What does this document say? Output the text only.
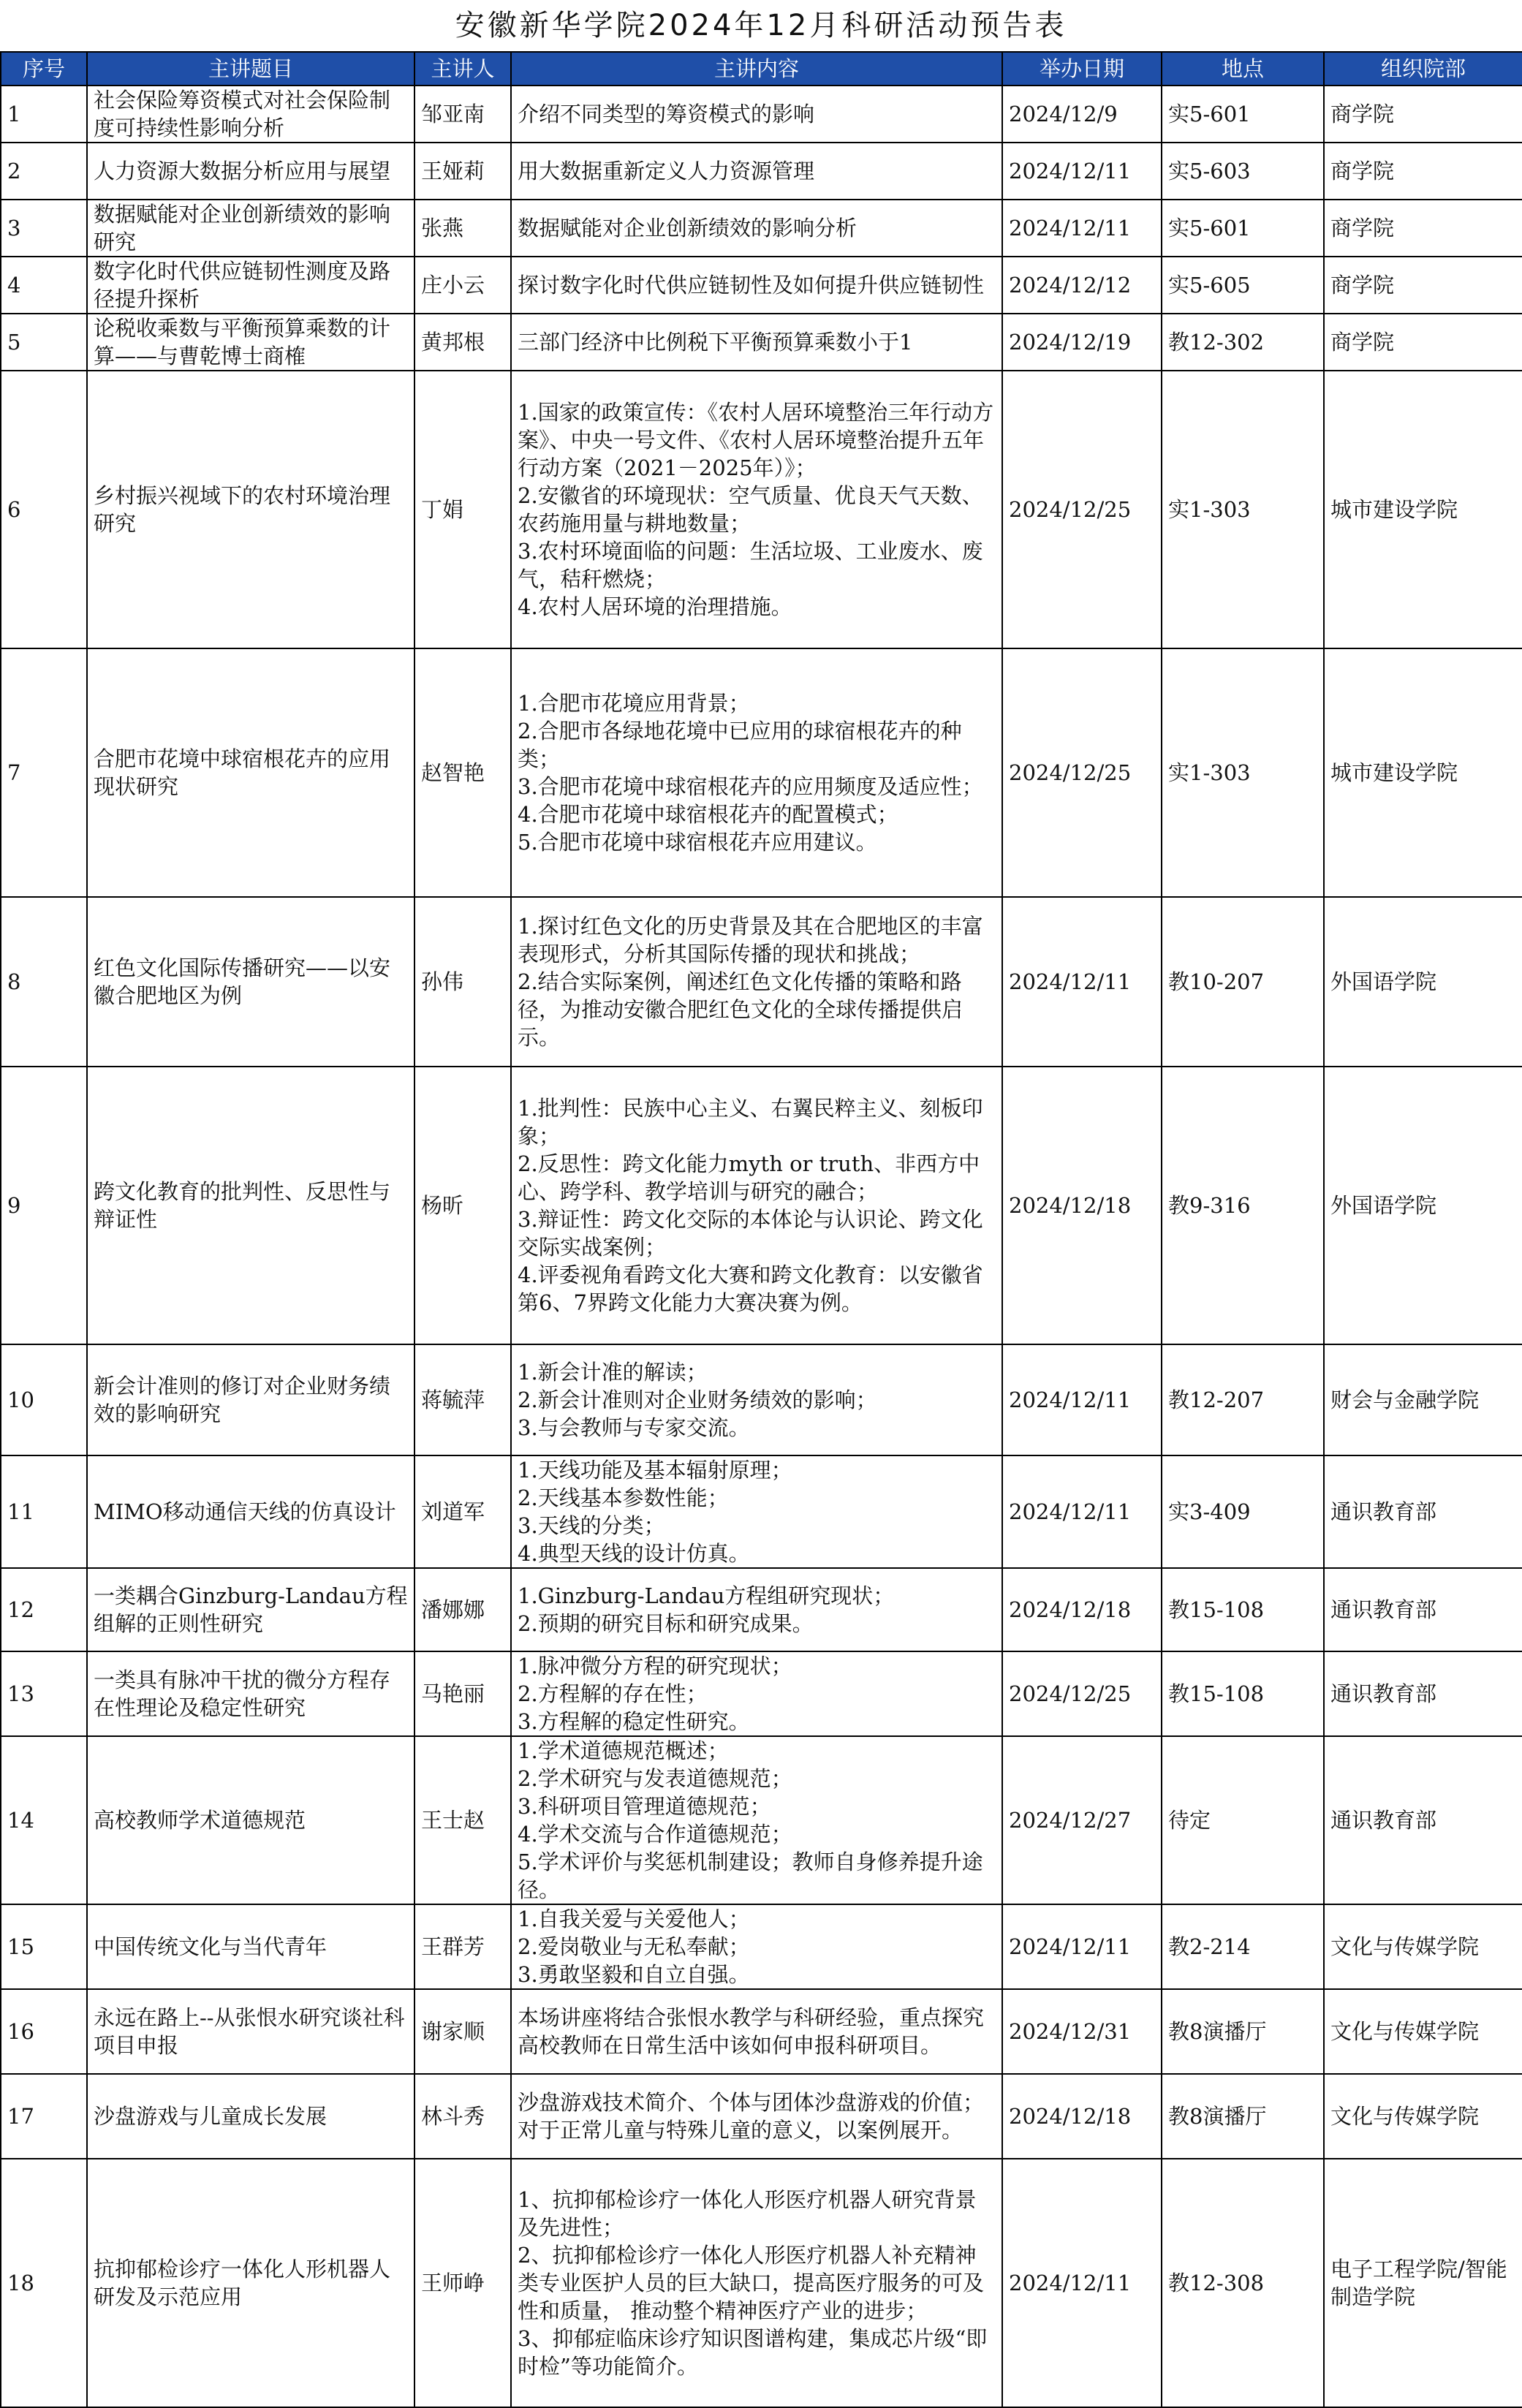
安徽新华学院2024年12月科研活动预告表
序号	主讲题目	主讲人	主讲内容	举办日期	地点	组织院部
1	社会保险筹资模式对社会保险制度可持续性影响分析	邹亚南	介绍不同类型的筹资模式的影响	2024/12/9	实5-601	商学院
2	人力资源大数据分析应用与展望	王娅莉	用大数据重新定义人力资源管理	2024/12/11	实5-603	商学院
3	数据赋能对企业创新绩效的影响研究	张燕	数据赋能对企业创新绩效的影响分析	2024/12/11	实5-601	商学院
4	数字化时代供应链韧性测度及路径提升探析	庄小云	探讨数字化时代供应链韧性及如何提升供应链韧性	2024/12/12	实5-605	商学院
5	论税收乘数与平衡预算乘数的计算——与曹乾博士商榷	黄邦根	三部门经济中比例税下平衡预算乘数小于1	2024/12/19	教12-302	商学院
6	乡村振兴视域下的农村环境治理研究	丁娟	1.国家的政策宣传：《农村人居环境整治三年行动方案》、中央一号文件、《农村人居环境整治提升五年行动方案（2021－2025年）》；
2.安徽省的环境现状：空气质量、优良天气天数、农药施用量与耕地数量；
3.农村环境面临的问题：生活垃圾、工业废水、废气，秸秆燃烧；
4.农村人居环境的治理措施。	2024/12/25	实1-303	城市建设学院
7	合肥市花境中球宿根花卉的应用现状研究	赵智艳	1.合肥市花境应用背景；
2.合肥市各绿地花境中已应用的球宿根花卉的种类；
3.合肥市花境中球宿根花卉的应用频度及适应性；
4.合肥市花境中球宿根花卉的配置模式；
5.合肥市花境中球宿根花卉应用建议。	2024/12/25	实1-303	城市建设学院
8	红色文化国际传播研究——以安徽合肥地区为例	孙伟	1.探讨红色文化的历史背景及其在合肥地区的丰富表现形式，分析其国际传播的现状和挑战；
2.结合实际案例，阐述红色文化传播的策略和路径，为推动安徽合肥红色文化的全球传播提供启示。	2024/12/11	教10-207	外国语学院
9	跨文化教育的批判性、反思性与辩证性	杨昕	1.批判性：民族中心主义、右翼民粹主义、刻板印象；
2.反思性：跨文化能力myth or truth、非西方中心、跨学科、教学培训与研究的融合；
3.辩证性：跨文化交际的本体论与认识论、跨文化交际实战案例；
4.评委视角看跨文化大赛和跨文化教育：以安徽省第6、7界跨文化能力大赛决赛为例。	2024/12/18	教9-316	外国语学院
10	新会计准则的修订对企业财务绩效的影响研究	蒋毓萍	1.新会计准的解读；
2.新会计准则对企业财务绩效的影响；
3.与会教师与专家交流。	2024/12/11	教12-207	财会与金融学院
11	MIMO移动通信天线的仿真设计	刘道军	1.天线功能及基本辐射原理；
2.天线基本参数性能；
3.天线的分类；
4.典型天线的设计仿真。	2024/12/11	实3-409	通识教育部
12	一类耦合Ginzburg-Landau方程组解的正则性研究	潘娜娜	1.Ginzburg-Landau方程组研究现状；
2.预期的研究目标和研究成果。	2024/12/18	教15-108	通识教育部
13	一类具有脉冲干扰的微分方程存在性理论及稳定性研究	马艳丽	1.脉冲微分方程的研究现状；
2.方程解的存在性；
3.方程解的稳定性研究。	2024/12/25	教15-108	通识教育部
14	高校教师学术道德规范	王士赵	1.学术道德规范概述；
2.学术研究与发表道德规范；
3.科研项目管理道德规范；
4.学术交流与合作道德规范；
5.学术评价与奖惩机制建设；教师自身修养提升途径。	2024/12/27	待定	通识教育部
15	中国传统文化与当代青年	王群芳	1.自我关爱与关爱他人；
2.爱岗敬业与无私奉献；
3.勇敢坚毅和自立自强。	2024/12/11	教2-214	文化与传媒学院
16	永远在路上--从张恨水研究谈社科项目申报	谢家顺	本场讲座将结合张恨水教学与科研经验，重点探究高校教师在日常生活中该如何申报科研项目。	2024/12/31	教8演播厅	文化与传媒学院
17	沙盘游戏与儿童成长发展	林斗秀	沙盘游戏技术简介、个体与团体沙盘游戏的价值；对于正常儿童与特殊儿童的意义，以案例展开。	2024/12/18	教8演播厅	文化与传媒学院
18	抗抑郁检诊疗一体化人形机器人研发及示范应用	王师峥	1、抗抑郁检诊疗一体化人形医疗机器人研究背景及先进性；
2、抗抑郁检诊疗一体化人形医疗机器人补充精神类专业医护人员的巨大缺口，提高医疗服务的可及性和质量， 推动整个精神医疗产业的进步；
3、抑郁症临床诊疗知识图谱构建，集成芯片级“即时检”等功能简介。	2024/12/11	教12-308	电子工程学院/智能制造学院
